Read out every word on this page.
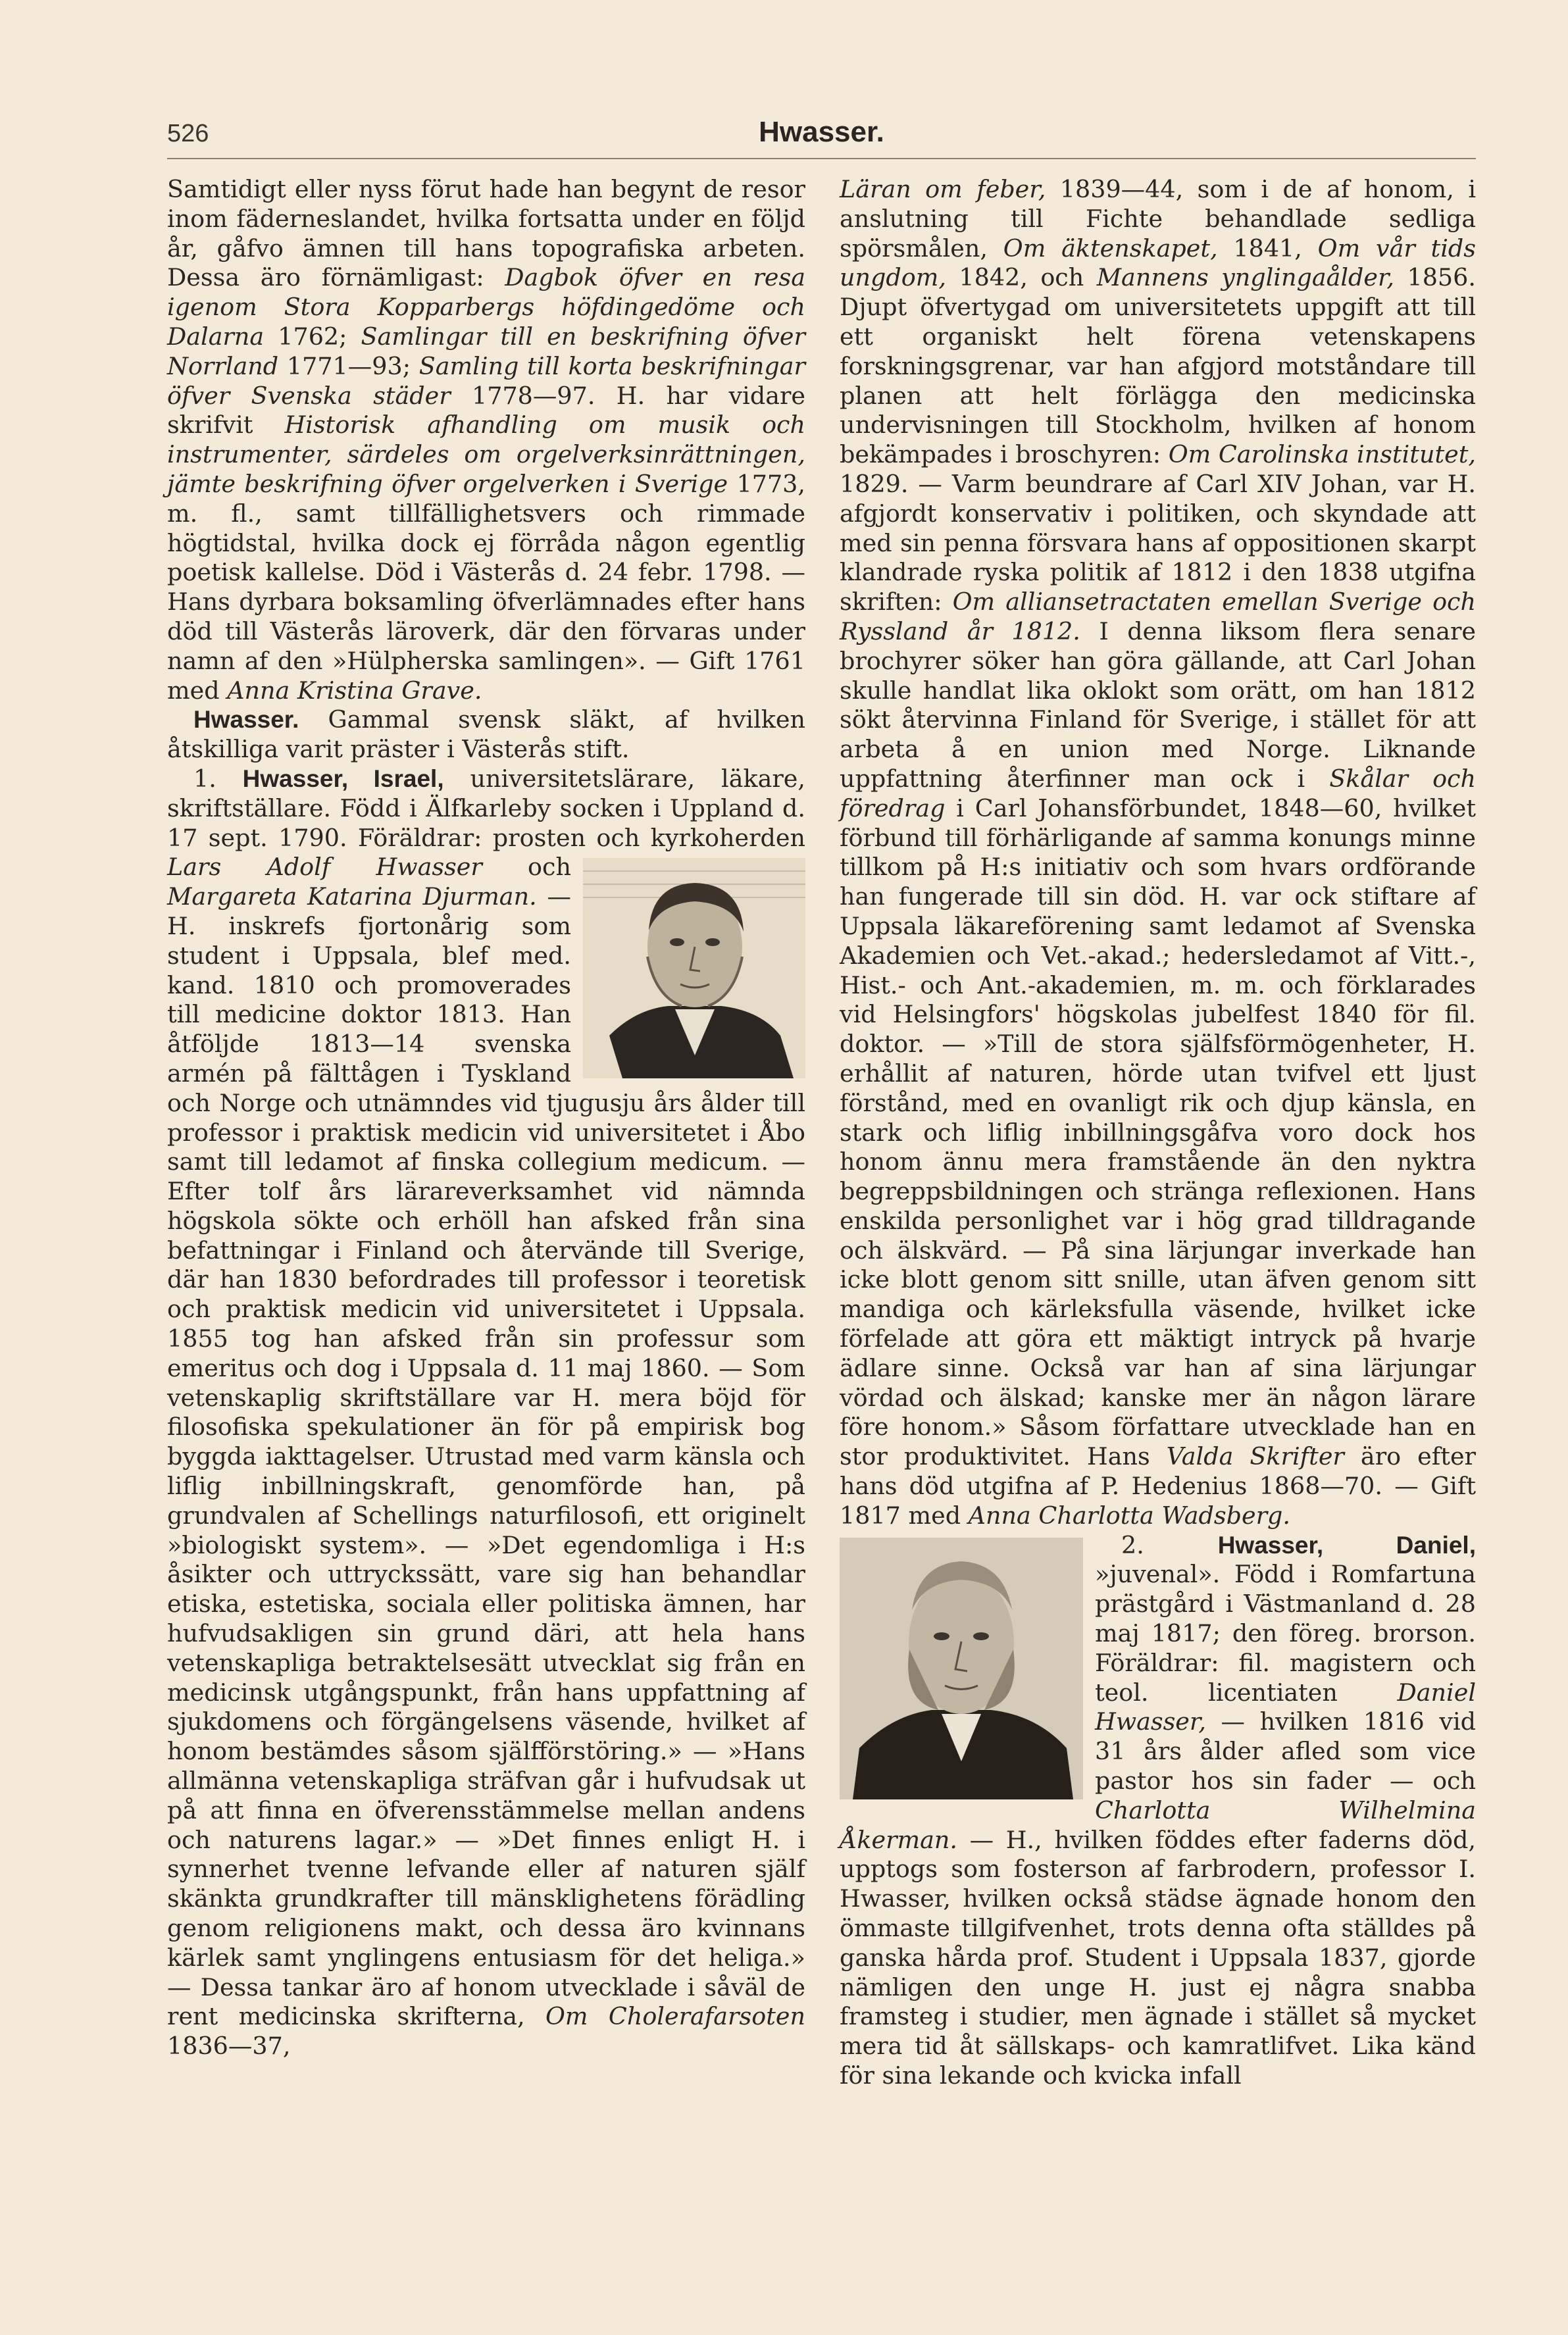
526	Hwasser.

Samtidigt eller nyss förut hade han begynt de resor inom fäderneslandet, hvilka fortsatta under en följd år, gåfvo ämnen till hans topografiska arbeten. Dessa äro förnämligast: Dagbok öfver en resa igenom Stora Kopparbergs höfdingedöme och Dalarna 1762; Samlingar till en beskrifning öfver Norrland 1771—93; Samling till korta beskrifningar öfver Svenska städer 1778—97. H. har vidare skrifvit Historisk afhandling om musik och instrumenter, särdeles om orgelverksinrättningen, jämte beskrifning öfver orgelverken i Sverige 1773, m. fl., samt tillfällighetsvers och rimmade högtidstal, hvilka dock ej förråda någon egentlig poetisk kallelse. Död i Västerås d. 24 febr. 1798. — Hans dyrbara boksamling öfverlämnades efter hans död till Västerås läroverk, där den förvaras under namn af den »Hülpherska samlingen». — Gift 1761 med Anna Kristina Grave.

Hwasser. Gammal svensk släkt, af hvilken åtskilliga varit präster i Västerås stift.

1. Hwasser, Israel, universitetslärare, läkare, skriftställare. Född i Älfkarleby socken i Uppland d. 17 sept. 1790. Föräldrar: prosten och kyrkoherden
Lars Adolf Hwasser och Margareta Katarina Djurman. — H. inskrefs fjortonårig som student i Uppsala, blef med. kand. 1810 och promoverades till medicine doktor 1813. Han åtföljde 1813—14 svenska armén på fälttågen i Tyskland och Norge och utnämndes vid tjugusju års ålder till professor i praktisk medicin vid universitetet i Åbo samt till ledamot af finska collegium medicum. — Efter tolf års lärareverksamhet vid nämnda högskola sökte och erhöll han afsked från sina befattningar i Finland och återvände till Sverige, där han 1830 befordrades till professor i teoretisk och praktisk medicin vid universitetet i Uppsala. 1855 tog han afsked från sin professur som emeritus och dog i Uppsala d. 11 maj 1860. — Som vetenskaplig skriftställare var H. mera böjd för filosofiska spekulationer än för på empirisk bog byggda iakttagelser. Utrustad med varm känsla och liflig inbillningskraft, genomförde han, på grundvalen af Schellings naturfilosofi, ett originelt »biologiskt system». — »Det egendomliga i H:s åsikter och uttryckssätt, vare sig han behandlar etiska, estetiska, sociala eller politiska ämnen, har hufvudsakligen sin grund däri, att hela hans vetenskapliga betraktelsesätt utvecklat sig från en medicinsk utgångspunkt, från hans uppfattning af sjukdomens och förgängelsens väsende, hvilket af honom bestämdes såsom själfförstöring.» — »Hans allmänna vetenskapliga sträfvan går i hufvudsak ut på att finna en öfverensstämmelse mellan andens och naturens lagar.» — »Det finnes enligt H. i synnerhet tvenne lefvande eller af naturen själf skänkta grundkrafter till mänsklighetens förädling genom religionens makt, och dessa äro kvinnans kärlek samt ynglingens entusiasm för det heliga.» — Dessa tankar äro af honom utvecklade i såväl de rent medicinska skrifterna, Om Cholerafarsoten 1836—37,

Läran om feber, 1839—44, som i de af honom, i anslutning till Fichte behandlade sedliga spörsmålen, Om äktenskapet, 1841, Om vår tids ungdom, 1842, och Mannens ynglingaålder, 1856. Djupt öfvertygad om universitetets uppgift att till ett organiskt helt förena vetenskapens forskningsgrenar, var han afgjord motståndare till planen att helt förlägga den medicinska undervisningen till Stockholm, hvilken af honom bekämpades i broschyren: Om Carolinska institutet, 1829. — Varm beundrare af Carl XIV Johan, var H. afgjordt konservativ i politiken, och skyndade att med sin penna försvara hans af oppositionen skarpt klandrade ryska politik af 1812 i den 1838 utgifna skriften: Om alliansetractaten emellan Sverige och Ryssland år 1812. I denna liksom flera senare brochyrer söker han göra gällande, att Carl Johan skulle handlat lika oklokt som orätt, om han 1812 sökt återvinna Finland för Sverige, i stället för att arbeta å en union med Norge. Liknande uppfattning återfinner man ock i Skålar och föredrag i Carl Johansförbundet, 1848—60, hvilket förbund till förhärligande af samma konungs minne tillkom på H:s initiativ och som hvars ordförande han fungerade till sin död. H. var ock stiftare af Uppsala läkareförening samt ledamot af Svenska Akademien och Vet.-akad.; hedersledamot af Vitt.-, Hist.- och Ant.-akademien, m. m. och förklarades vid Helsingfors' högskolas jubelfest 1840 för fil. doktor. — »Till de stora själfsförmögenheter, H. erhållit af naturen, hörde utan tvifvel ett ljust förstånd, med en ovanligt rik och djup känsla, en stark och liflig inbillningsgåfva voro dock hos honom ännu mera framstående än den nyktra begreppsbildningen och stränga reflexionen. Hans enskilda personlighet var i hög grad tilldragande och älskvärd. — På sina lärjungar inverkade han icke blott genom sitt snille, utan äfven genom sitt mandiga och kärleksfulla väsende, hvilket icke förfelade att göra ett mäktigt intryck på hvarje ädlare sinne. Också var han af sina lärjungar vördad och älskad; kanske mer än någon lärare före honom.» Såsom författare utvecklade han en stor produktivitet. Hans Valda Skrifter äro efter hans död utgifna af P. Hedenius 1868—70. — Gift 1817 med Anna Charlotta Wadsberg.

2. Hwasser, Daniel,
»juvenal». Född i Romfartuna prästgård i Västmanland d. 28 maj 1817; den föreg. brorson. Föräldrar: fil. magistern och teol. licentiaten Daniel Hwasser, — hvilken 1816 vid 31 års ålder afled som vice pastor hos sin fader — och Charlotta Wilhelmina Åkerman. — H., hvilken föddes efter faderns död, upptogs som fosterson af farbrodern, professor I. Hwasser, hvilken också städse ägnade honom den ömmaste tillgifvenhet, trots denna ofta ställdes på ganska hårda prof. Student i Uppsala 1837, gjorde nämligen den unge H. just ej några snabba framsteg i studier, men ägnade i stället så mycket mera tid åt sällskaps- och kamratlifvet. Lika känd för sina lekande och kvicka infall
